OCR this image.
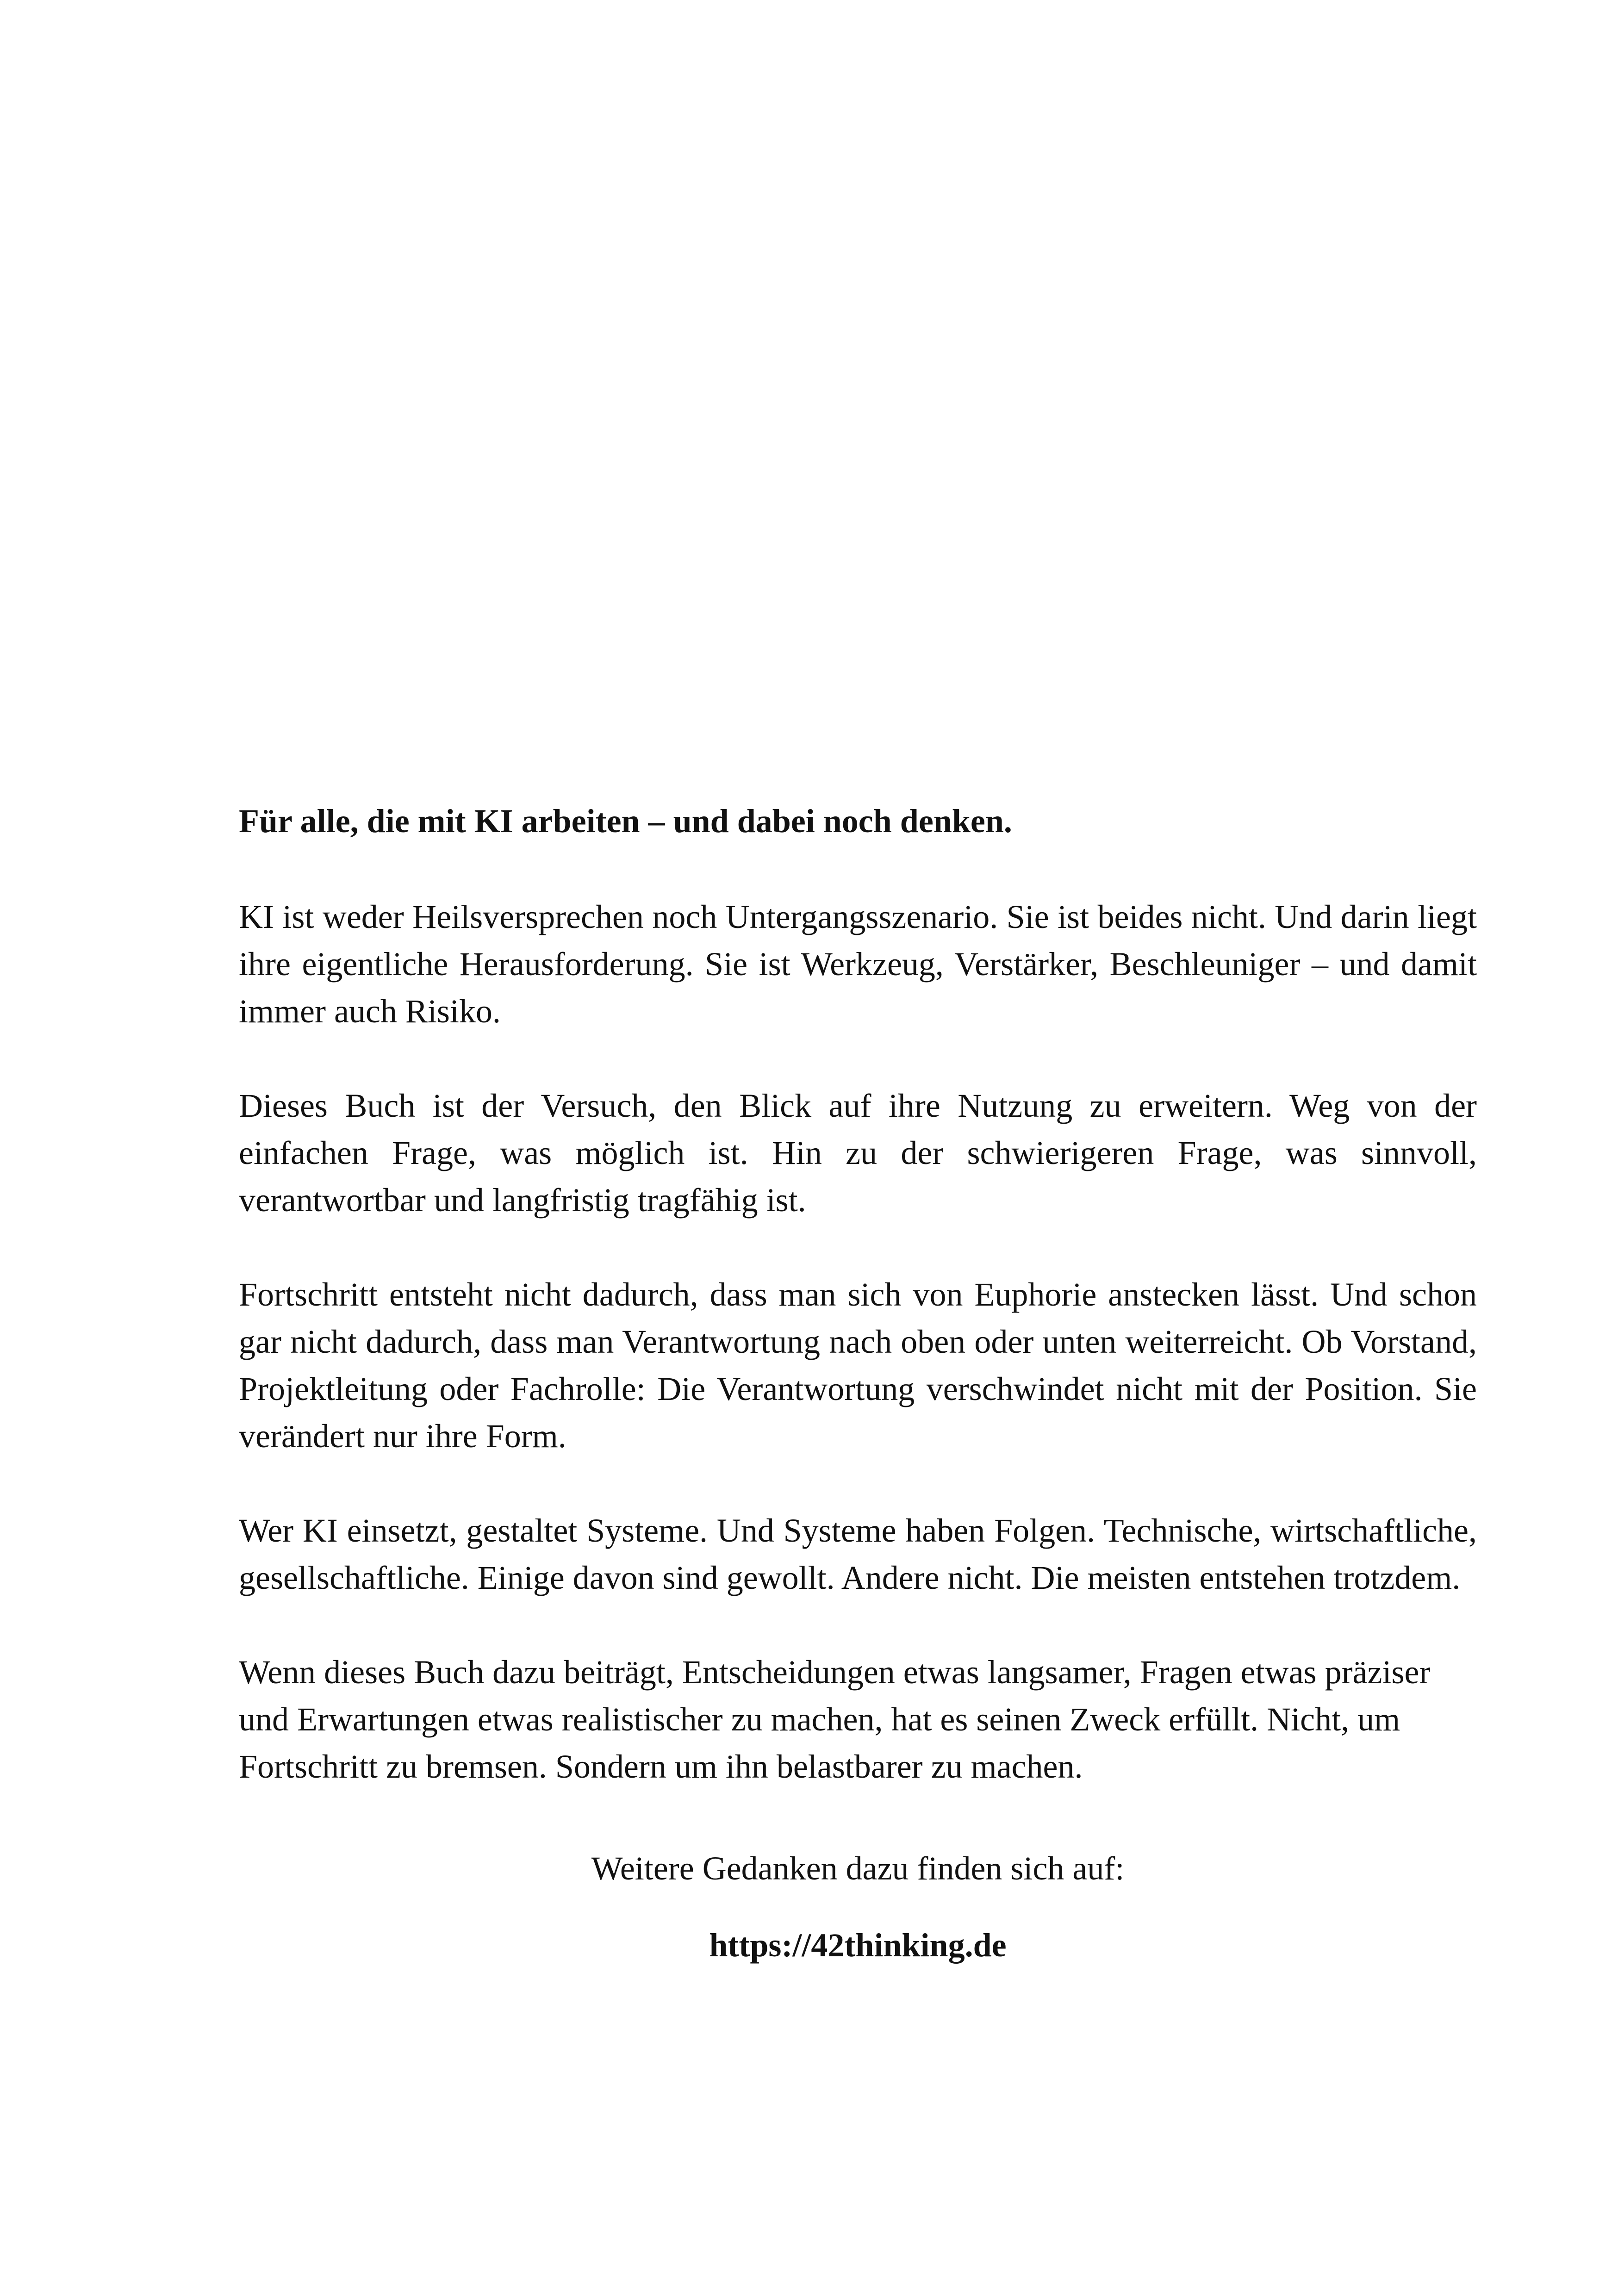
Für alle, die mit KI arbeiten – und dabei noch denken.

KI ist weder Heilsversprechen noch Untergangsszenario. Sie ist beides nicht. Und darin liegt ihre eigentliche Herausforderung. Sie ist Werkzeug, Verstärker, Beschleuniger – und damit immer auch Risiko.

Dieses Buch ist der Versuch, den Blick auf ihre Nutzung zu erweitern. Weg von der einfachen Frage, was möglich ist. Hin zu der schwierigeren Frage, was sinnvoll, verantwortbar und langfristig tragfähig ist.

Fortschritt entsteht nicht dadurch, dass man sich von Euphorie anstecken lässt. Und schon gar nicht dadurch, dass man Verantwortung nach oben oder unten weiterreicht. Ob Vorstand, Projektleitung oder Fachrolle: Die Verantwortung verschwindet nicht mit der Position. Sie verändert nur ihre Form.

Wer KI einsetzt, gestaltet Systeme. Und Systeme haben Folgen. Technische, wirtschaftliche, gesellschaftliche. Einige davon sind gewollt. Andere nicht. Die meisten entstehen trotzdem.

Wenn dieses Buch dazu beiträgt, Entscheidungen etwas langsamer, Fragen etwas präziser und Erwartungen etwas realistischer zu machen, hat es seinen Zweck erfüllt. Nicht, um Fortschritt zu bremsen. Sondern um ihn belastbarer zu machen.

Weitere Gedanken dazu finden sich auf:

https://42thinking.de
